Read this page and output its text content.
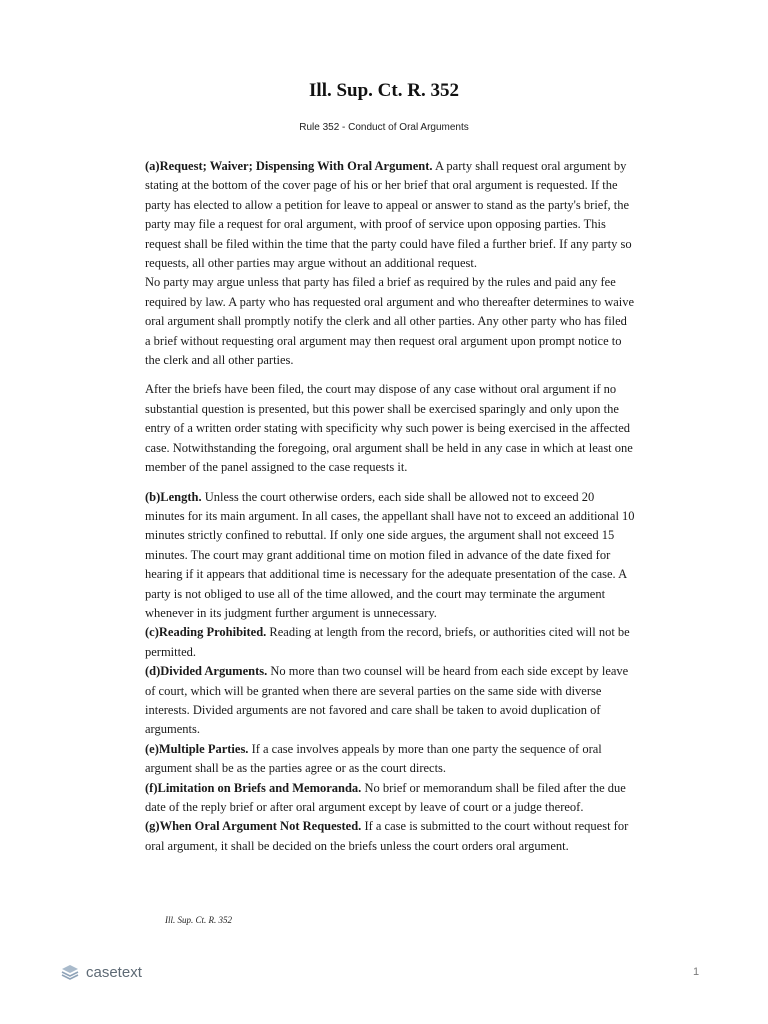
Ill. Sup. Ct. R. 352
Rule 352 - Conduct of Oral Arguments

(a)Request; Waiver; Dispensing With Oral Argument. A party shall request oral argument by stating at the bottom of the cover page of his or her brief that oral argument is requested. If the party has elected to allow a petition for leave to appeal or answer to stand as the party's brief, the party may file a request for oral argument, with proof of service upon opposing parties. This request shall be filed within the time that the party could have filed a further brief. If any party so requests, all other parties may argue without an additional request.

No party may argue unless that party has filed a brief as required by the rules and paid any fee required by law. A party who has requested oral argument and who thereafter determines to waive oral argument shall promptly notify the clerk and all other parties. Any other party who has filed a brief without requesting oral argument may then request oral argument upon prompt notice to the clerk and all other parties.

After the briefs have been filed, the court may dispose of any case without oral argument if no substantial question is presented, but this power shall be exercised sparingly and only upon the entry of a written order stating with specificity why such power is being exercised in the affected case. Notwithstanding the foregoing, oral argument shall be held in any case in which at least one member of the panel assigned to the case requests it.

(b)Length. Unless the court otherwise orders, each side shall be allowed not to exceed 20 minutes for its main argument. In all cases, the appellant shall have not to exceed an additional 10 minutes strictly confined to rebuttal. If only one side argues, the argument shall not exceed 15 minutes. The court may grant additional time on motion filed in advance of the date fixed for hearing if it appears that additional time is necessary for the adequate presentation of the case. A party is not obliged to use all of the time allowed, and the court may terminate the argument whenever in its judgment further argument is unnecessary.

(c)Reading Prohibited. Reading at length from the record, briefs, or authorities cited will not be permitted.

(d)Divided Arguments. No more than two counsel will be heard from each side except by leave of court, which will be granted when there are several parties on the same side with diverse interests. Divided arguments are not favored and care shall be taken to avoid duplication of arguments.

(e)Multiple Parties. If a case involves appeals by more than one party the sequence of oral argument shall be as the parties agree or as the court directs.

(f)Limitation on Briefs and Memoranda. No brief or memorandum shall be filed after the due date of the reply brief or after oral argument except by leave of court or a judge thereof.

(g)When Oral Argument Not Requested. If a case is submitted to the court without request for oral argument, it shall be decided on the briefs unless the court orders oral argument.

Ill. Sup. Ct. R. 352
casetext	1
